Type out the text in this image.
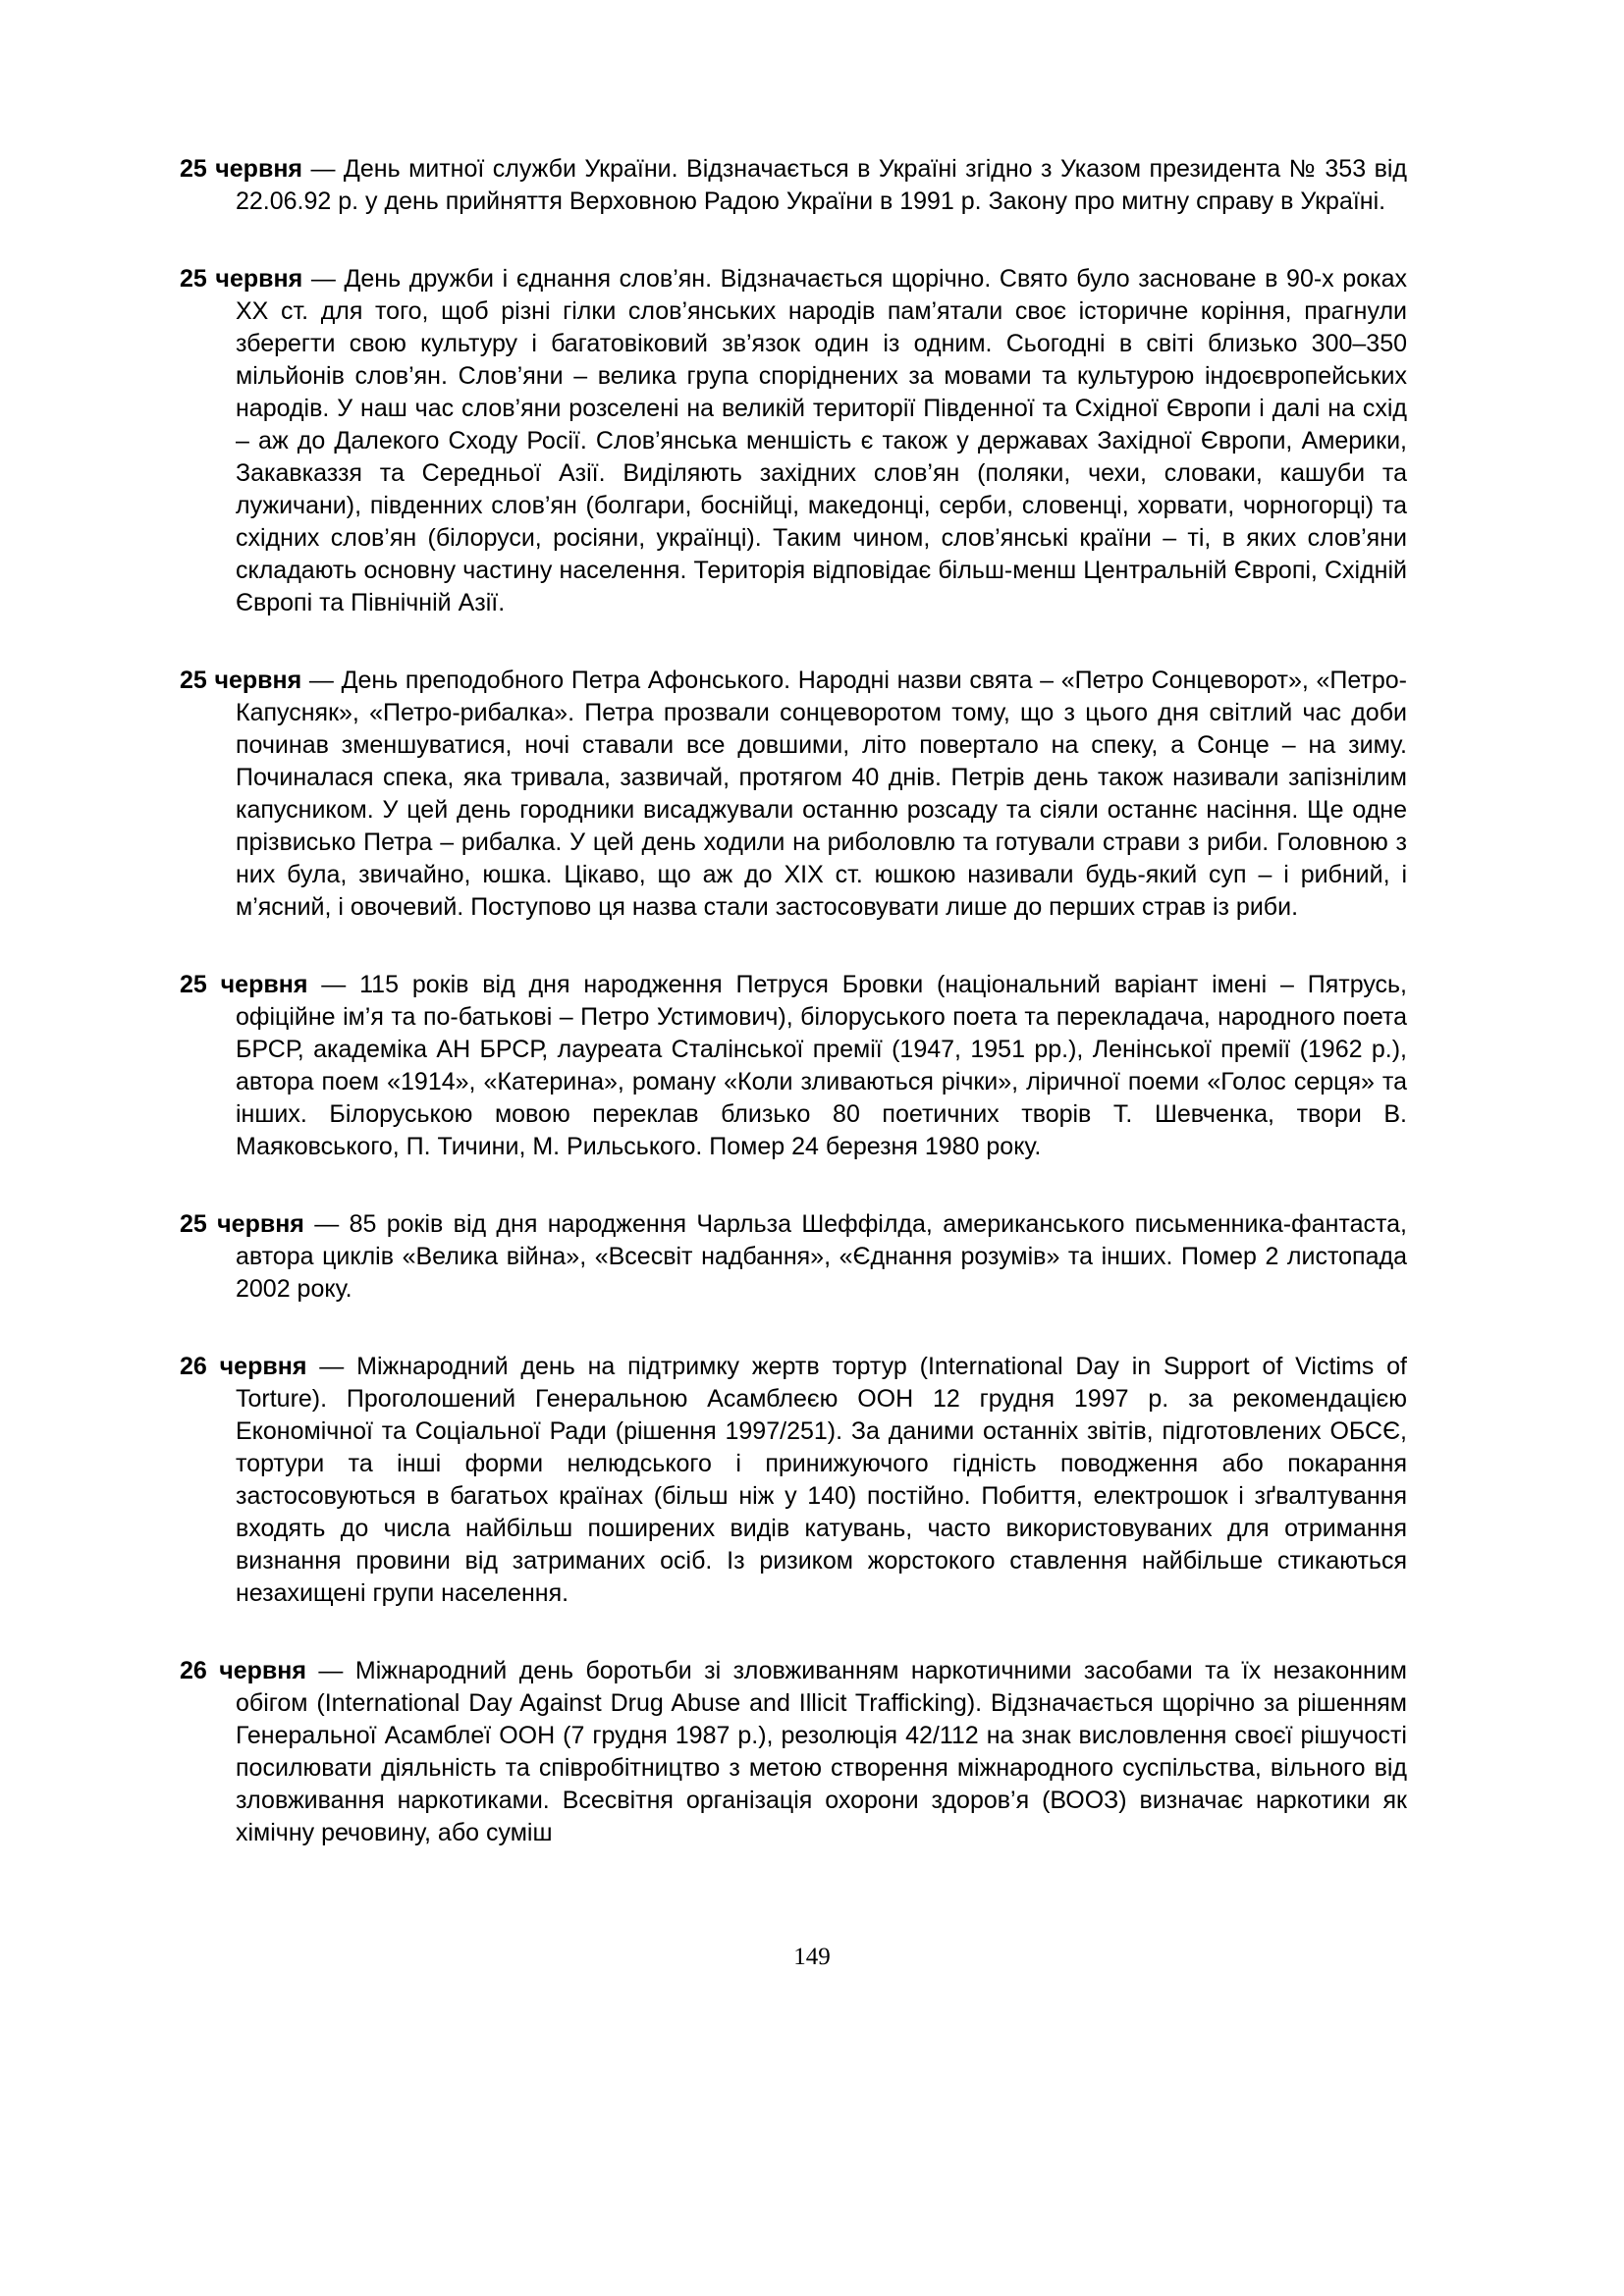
25 червня — День митної служби України. Відзначається в Україні згідно з Указом президента № 353 від 22.06.92 р. у день прийняття Верховною Радою України в 1991 р. Закону про митну справу в Україні.

25 червня — День дружби і єднання слов’ян. Відзначається щорічно. Свято було засноване в 90-х роках XX ст. для того, щоб різні гілки слов’янських народів пам’ятали своє історичне коріння, прагнули зберегти свою культуру і багатовіковий зв’язок один із одним. Сьогодні в світі близько 300–350 мільйонів слов’ян. Слов’яни – велика група споріднених за мовами та культурою індоєвропейських народів. У наш час слов’яни розселені на великій території Південної та Східної Європи і далі на схід – аж до Далекого Сходу Росії. Слов’янська меншість є також у державах Західної Європи, Америки, Закавказзя та Середньої Азії. Виділяють західних слов’ян (поляки, чехи, словаки, кашуби та лужичани), південних слов’ян (болгари, боснійці, македонці, серби, словенці, хорвати, чорногорці) та східних слов’ян (білоруси, росіяни, українці). Таким чином, слов’янські країни – ті, в яких слов’яни складають основну частину населення. Територія відповідає більш-менш Центральній Європі, Східній Європі та Північній Азії.

25 червня — День преподобного Петра Афонського. Народні назви свята – «Петро Сонцеворот», «Петро-Капусняк», «Петро-рибалка». Петра прозвали сонцеворотом тому, що з цього дня світлий час доби починав зменшуватися, ночі ставали все довшими, літо повертало на спеку, а Сонце – на зиму. Починалася спека, яка тривала, зазвичай, протягом 40 днів. Петрів день також називали запізнілим капусником. У цей день городники висаджували останню розсаду та сіяли останнє насіння. Ще одне прізвисько Петра – рибалка. У цей день ходили на риболовлю та готували страви з риби. Головною з них була, звичайно, юшка. Цікаво, що аж до XIX ст. юшкою називали будь-який суп – і рибний, і м’ясний, і овочевий. Поступово ця назва стали застосовувати лише до перших страв із риби.

25 червня — 115 років від дня народження Петруся Бровки (національний варіант імені – Пятрусь, офіційне ім’я та по-батькові – Петро Устимович), білоруського поета та перекладача, народного поета БРСР, академіка АН БРСР, лауреата Сталінської премії (1947, 1951 рр.), Ленінської премії (1962 р.), автора поем «1914», «Катерина», роману «Коли зливаються річки», ліричної поеми «Голос серця» та інших. Білоруською мовою переклав близько 80 поетичних творів Т. Шевченка, твори В. Маяковського, П. Тичини, М. Рильського. Помер 24 березня 1980 року.

25 червня — 85 років від дня народження Чарльза Шеффілда, американського письменника-фантаста, автора циклів «Велика війна», «Всесвіт надбання», «Єднання розумів» та інших. Помер 2 листопада 2002 року.

26 червня — Міжнародний день на підтримку жертв тортур (International Day in Support of Victims of Torture). Проголошений Генеральною Асамблеєю ООН 12 грудня 1997 р. за рекомендацією Економічної та Соціальної Ради (рішення 1997/251). За даними останніх звітів, підготовлених ОБСЄ, тортури та інші форми нелюдського і принижуючого гідність поводження або покарання застосовуються в багатьох країнах (більш ніж у 140) постійно. Побиття, електрошок і зґвалтування входять до числа найбільш поширених видів катувань, часто використовуваних для отримання визнання провини від затриманих осіб. Із ризиком жорстокого ставлення найбільше стикаються незахищені групи населення.

26 червня — Міжнародний день боротьби зі зловживанням наркотичними засобами та їх незаконним обігом (International Day Against Drug Abuse and Illicit Trafficking). Відзначається щорічно за рішенням Генеральної Асамблеї ООН (7 грудня 1987 р.), резолюція 42/112 на знак висловлення своєї рішучості посилювати діяльність та співробітництво з метою створення міжнародного суспільства, вільного від зловживання наркотиками. Всесвітня організація охорони здоров’я (ВООЗ) визначає наркотики як хімічну речовину, або суміш

149
